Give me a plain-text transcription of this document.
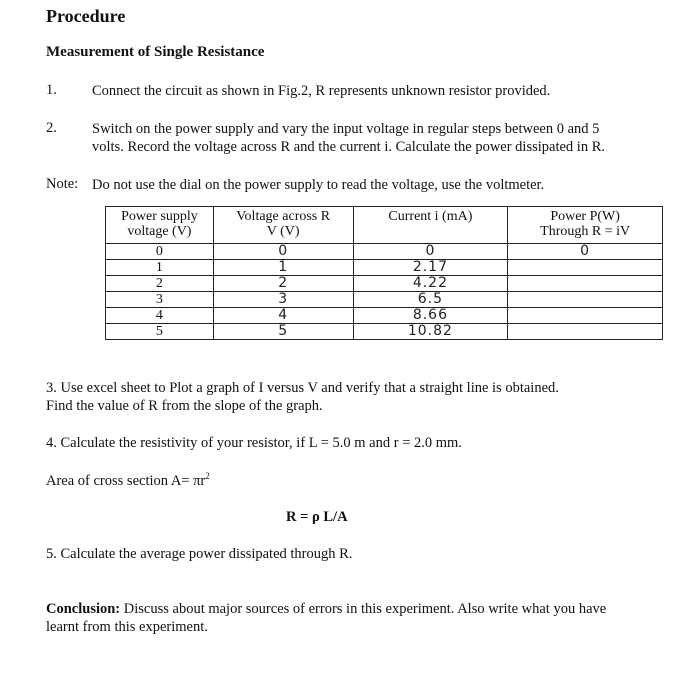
Procedure
Measurement of Single Resistance
1. Connect the circuit as shown in Fig.2, R represents unknown resistor provided.
2. Switch on the power supply and vary the input voltage in regular steps between 0 and 5
volts. Record the voltage across R and the current i. Calculate the power dissipated in R.
Note: Do not use the dial on the power supply to read the voltage, use the voltmeter.
Power supply
voltage (V)	Voltage across R
V (V)	Current i (mA)	Power P(W)
Through R = iV
0	0	0	0
1	1	2.17	
2	2	4.22	
3	3	6.5	
4	4	8.66	
5	5	10.82	
3. Use excel sheet to Plot a graph of I versus V and verify that a straight line is obtained.
Find the value of R from the slope of the graph.
4. Calculate the resistivity of your resistor, if L = 5.0 m and r = 2.0 mm.
Area of cross section $A= \pi r^2$
R = ρ L/A
5. Calculate the average power dissipated through R.
Conclusion: Discuss about major sources of errors in this experiment. Also write what you have
learnt from this experiment.
